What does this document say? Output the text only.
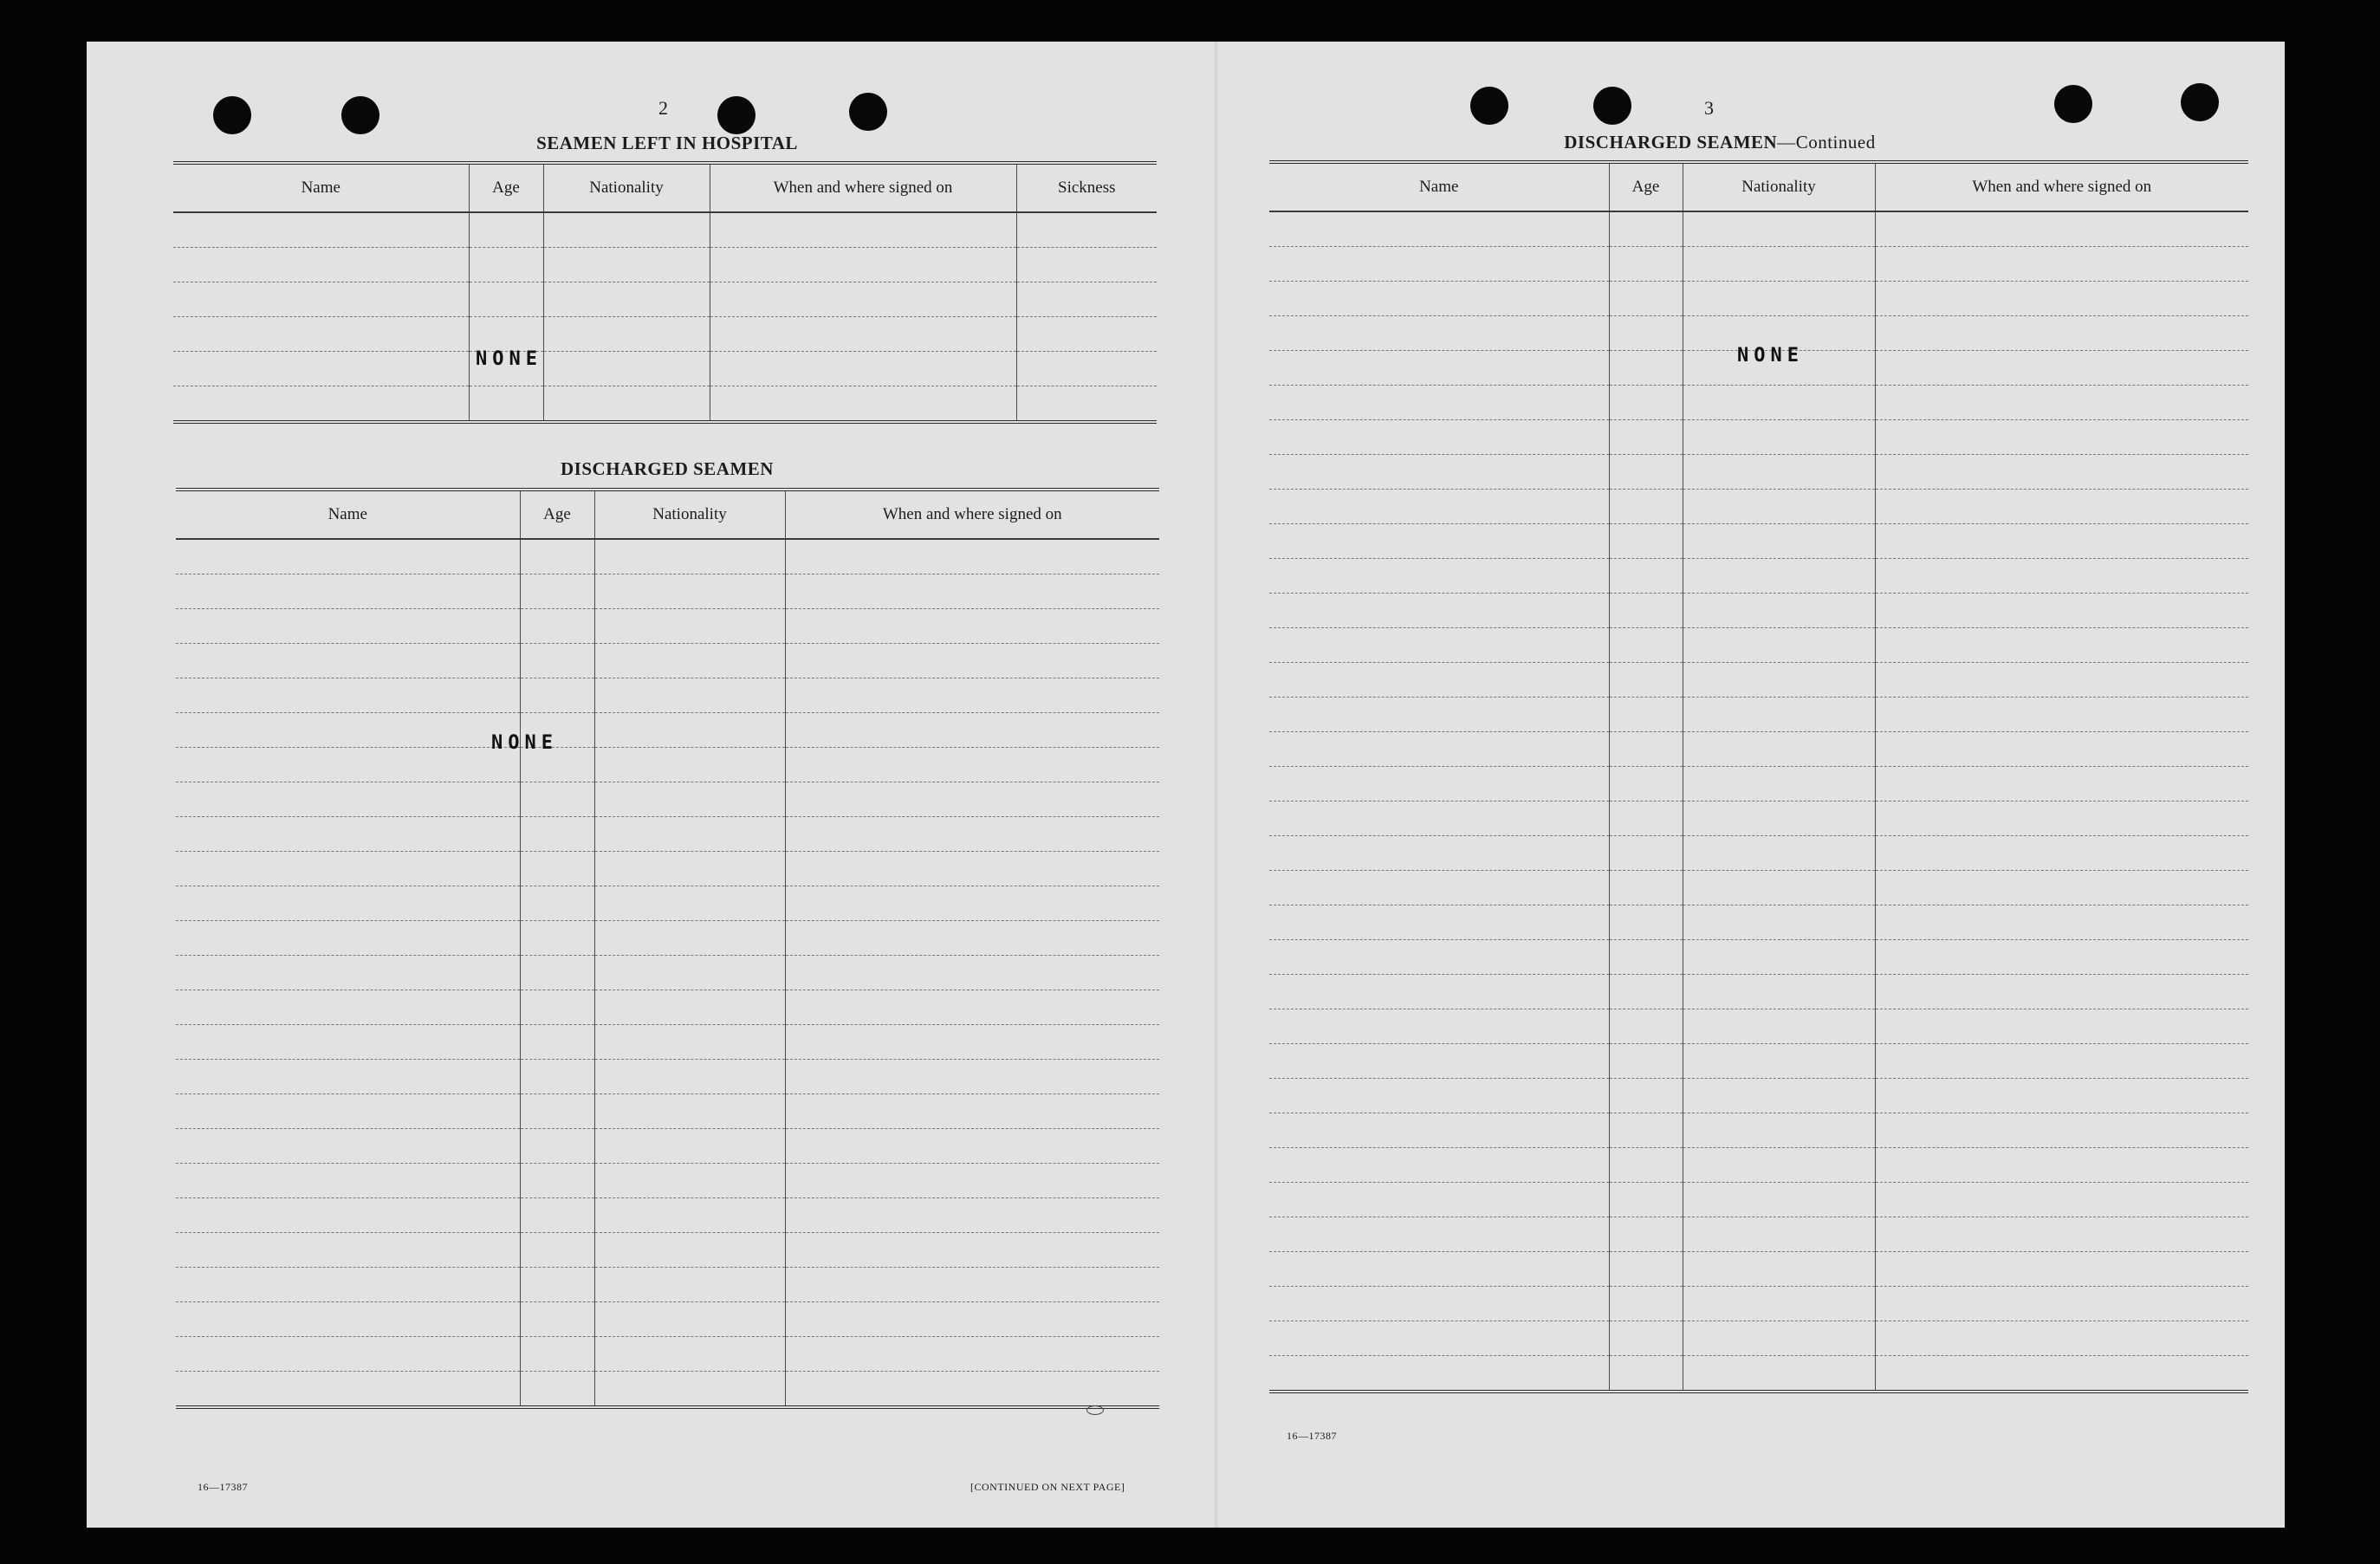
2
SEAMEN LEFT IN HOSPITAL
Name	Age	Nationality	When and where signed on	Sickness

NONE
DISCHARGED SEAMEN
Name	Age	Nationality	When and where signed on

NONE
16—17387	[CONTINUED ON NEXT PAGE]
3
DISCHARGED SEAMEN—Continued
Name	Age	Nationality	When and where signed on

NONE
16—17387
